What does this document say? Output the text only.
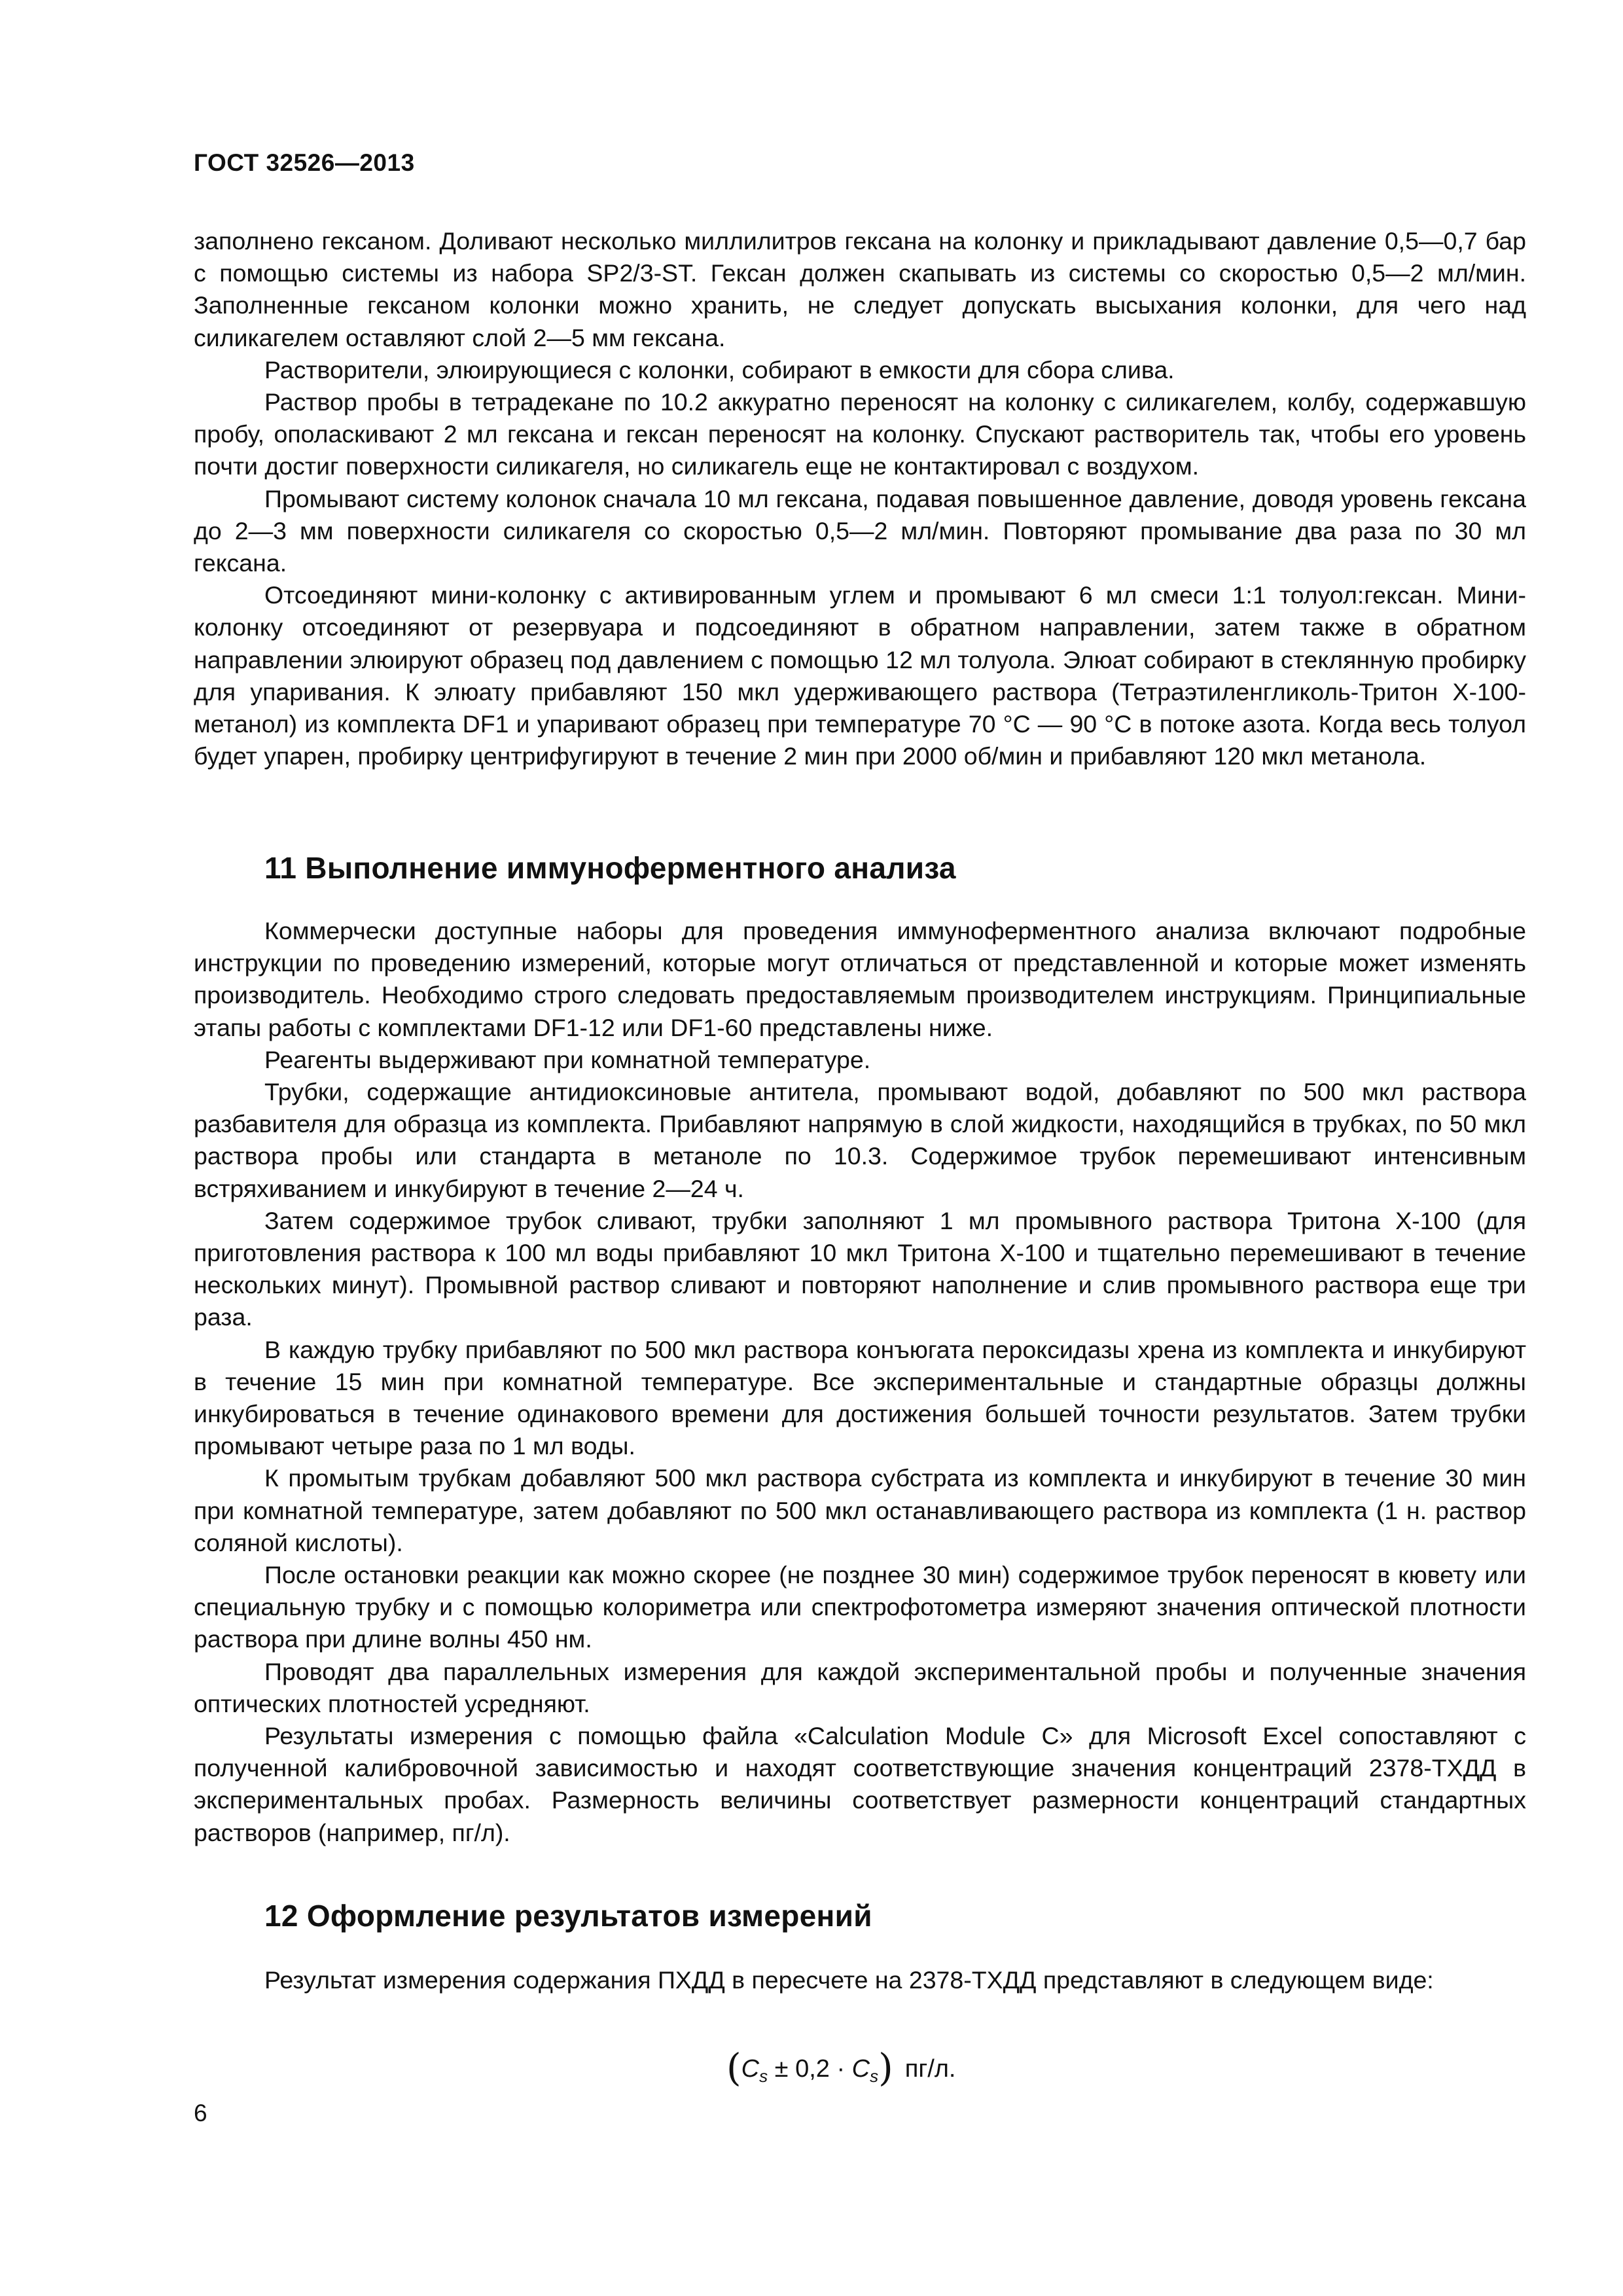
ГОСТ 32526—2013

заполнено гексаном. Доливают несколько миллилитров гексана на колонку и прикладывают давление 0,5—0,7 бар с помощью системы из набора SP2/3-ST. Гексан должен скапывать из системы со скоростью 0,5—2 мл/мин. Заполненные гексаном колонки можно хранить, не следует допускать высыхания колонки, для чего над силикагелем оставляют слой 2—5 мм гексана.

Растворители, элюирующиеся с колонки, собирают в емкости для сбора слива.

Раствор пробы в тетрадекане по 10.2 аккуратно переносят на колонку с силикагелем, колбу, содержавшую пробу, ополаскивают 2 мл гексана и гексан переносят на колонку. Спускают растворитель так, чтобы его уровень почти достиг поверхности силикагеля, но силикагель еще не контактировал с воздухом.

Промывают систему колонок сначала 10 мл гексана, подавая повышенное давление, доводя уровень гексана до 2—3 мм поверхности силикагеля со скоростью 0,5—2 мл/мин. Повторяют промывание два раза по 30 мл гексана.

Отсоединяют мини-колонку с активированным углем и промывают 6 мл смеси 1:1 толуол:гексан. Мини-колонку отсоединяют от резервуара и подсоединяют в обратном направлении, затем также в обратном направлении элюируют образец под давлением с помощью 12 мл толуола. Элюат собирают в стеклянную пробирку для упаривания. К элюату прибавляют 150 мкл удерживающего раствора (Тетраэтиленгликоль-Тритон Х-100-метанол) из комплекта DF1 и упаривают образец при температуре 70 °С — 90 °С в потоке азота. Когда весь толуол будет упарен, пробирку центрифугируют в течение 2 мин при 2000 об/мин и прибавляют 120 мкл метанола.

11 Выполнение иммуноферментного анализа

Коммерчески доступные наборы для проведения иммуноферментного анализа включают подробные инструкции по проведению измерений, которые могут отличаться от представленной и которые может изменять производитель. Необходимо строго следовать предоставляемым производителем инструкциям. Принципиальные этапы работы с комплектами DF1-12 или DF1-60 представлены ниже.

Реагенты выдерживают при комнатной температуре.

Трубки, содержащие антидиоксиновые антитела, промывают водой, добавляют по 500 мкл раствора разбавителя для образца из комплекта. Прибавляют напрямую в слой жидкости, находящийся в трубках, по 50 мкл раствора пробы или стандарта в метаноле по 10.3. Содержимое трубок перемешивают интенсивным встряхиванием и инкубируют в течение 2—24 ч.

Затем содержимое трубок сливают, трубки заполняют 1 мл промывного раствора Тритона Х-100 (для приготовления раствора к 100 мл воды прибавляют 10 мкл Тритона Х-100 и тщательно перемешивают в течение нескольких минут). Промывной раствор сливают и повторяют наполнение и слив промывного раствора еще три раза.

В каждую трубку прибавляют по 500 мкл раствора конъюгата пероксидазы хрена из комплекта и инкубируют в течение 15 мин при комнатной температуре. Все экспериментальные и стандартные образцы должны инкубироваться в течение одинакового времени для достижения большей точности результатов. Затем трубки промывают четыре раза по 1 мл воды.

К промытым трубкам добавляют 500 мкл раствора субстрата из комплекта и инкубируют в течение 30 мин при комнатной температуре, затем добавляют по 500 мкл останавливающего раствора из комплекта (1 н. раствор соляной кислоты).

После остановки реакции как можно скорее (не позднее 30 мин) содержимое трубок переносят в кювету или специальную трубку и с помощью колориметра или спектрофотометра измеряют значения оптической плотности раствора при длине волны 450 нм.

Проводят два параллельных измерения для каждой экспериментальной пробы и полученные значения оптических плотностей усредняют.

Результаты измерения с помощью файла «Calculation Module C» для Microsoft Excel сопоставляют с полученной калибровочной зависимостью и находят соответствующие значения концентраций 2378-ТХДД в экспериментальных пробах. Размерность величины соответствует размерности концентраций стандартных растворов (например, пг/л).

12 Оформление результатов измерений

Результат измерения содержания ПХДД в пересчете на 2378-ТХДД представляют в следующем виде:

$(C_s \pm 0,2 \cdot C_s)$ пг/л.
6
